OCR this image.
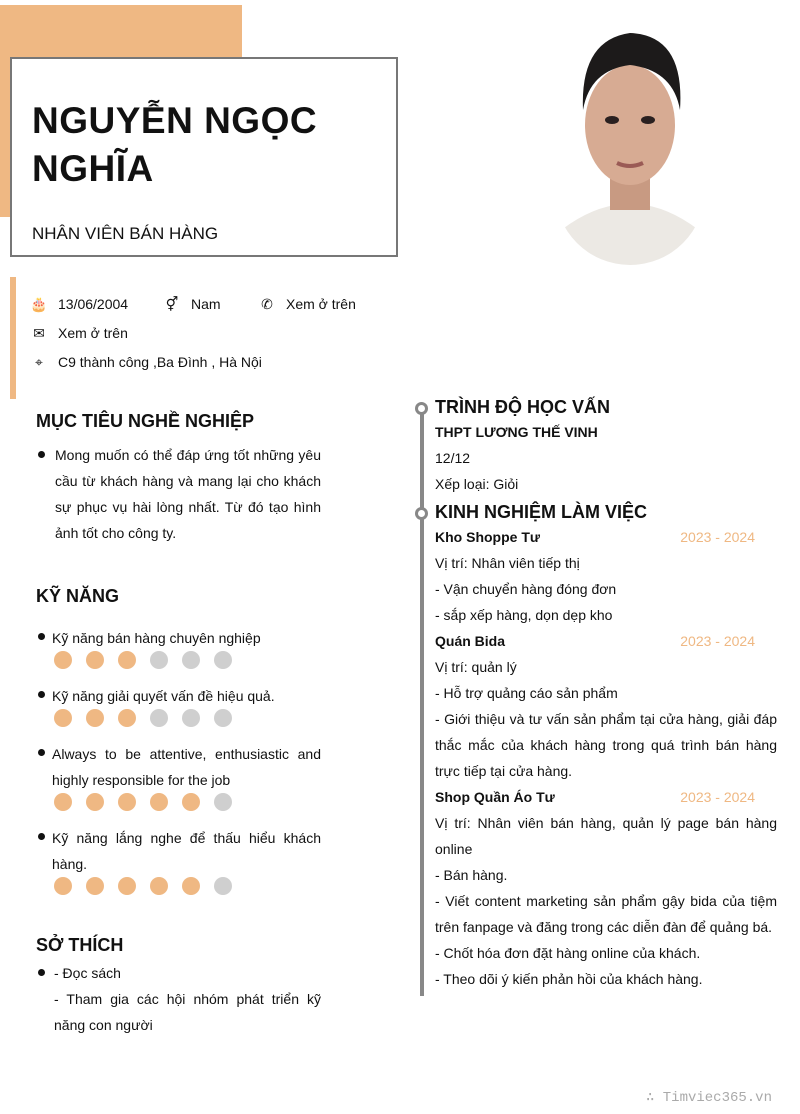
NGUYỄN NGỌC NGHĨA
NHÂN VIÊN BÁN HÀNG
🎂 13/06/2004	⚥ Nam	✆ Xem ở trên
✉ Xem ở trên
⌖ C9 thành công ,Ba Đình , Hà Nội
MỤC TIÊU NGHỀ NGHIỆP
Mong muốn có thể đáp ứng tốt những yêu cầu từ khách hàng và mang lại cho khách sự phục vụ hài lòng nhất. Từ đó tạo hình ảnh tốt cho công ty.
KỸ NĂNG
Kỹ năng bán hàng chuyên nghiệp
Kỹ năng giải quyết vấn đề hiệu quả.
Always to be attentive, enthusiastic and highly responsible for the job
Kỹ năng lắng nghe để thấu hiểu khách hàng.
SỞ THÍCH
- Đọc sách
- Tham gia các hội nhóm phát triển kỹ năng con người
TRÌNH ĐỘ HỌC VẤN
THPT LƯƠNG THẾ VINH
12/12
Xếp loại: Giỏi
KINH NGHIỆM LÀM VIỆC
Kho Shoppe Tư	2023 - 2024
Vị trí: Nhân viên tiếp thị
- Vận chuyển hàng đóng đơn
- sắp xếp hàng, dọn dẹp kho
Quán Bida	2023 - 2024
Vị trí: quản lý
- Hỗ trợ quảng cáo sản phẩm
- Giới thiệu và tư vấn sản phẩm tại cửa hàng, giải đáp thắc mắc của khách hàng trong quá trình bán hàng trực tiếp tại cửa hàng.
Shop Quần Áo Tư	2023 - 2024
Vị trí: Nhân viên bán hàng, quản lý page bán hàng online
- Bán hàng.
- Viết content marketing sản phẩm gậy bida của tiệm trên fanpage và đăng trong các diễn đàn để quảng bá.
- Chốt hóa đơn đặt hàng online của khách.
- Theo dõi ý kiến phản hồi của khách hàng.
∴ Timviec365.vn
